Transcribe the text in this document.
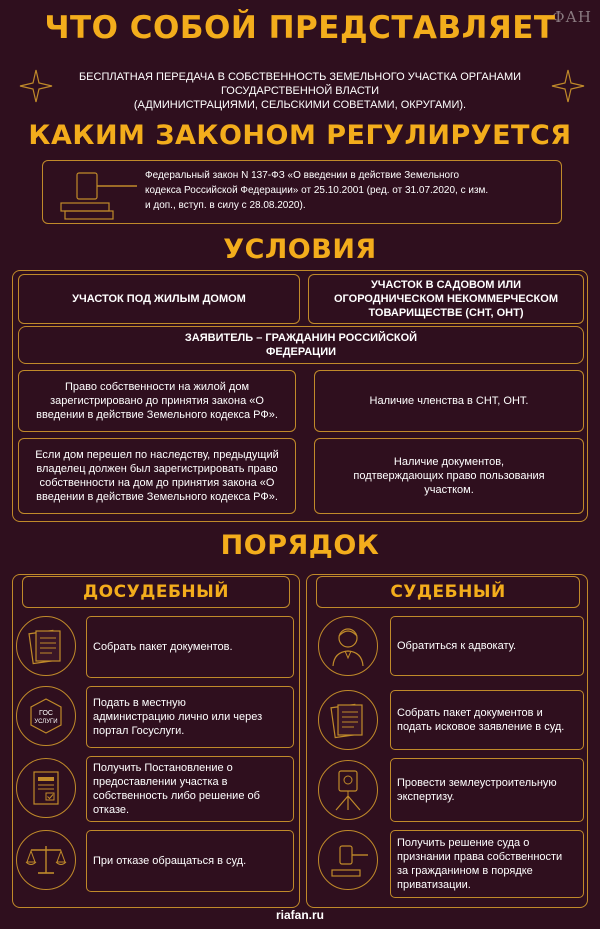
ФАН
ЧТО СОБОЙ ПРЕДСТАВЛЯЕТ
БЕСПЛАТНАЯ ПЕРЕДАЧА В СОБСТВЕННОСТЬ ЗЕМЕЛЬНОГО УЧАСТКА ОРГАНАМИ
ГОСУДАРСТВЕННОЙ ВЛАСТИ
(АДМИНИСТРАЦИЯМИ, СЕЛЬСКИМИ СОВЕТАМИ, ОКРУГАМИ).
КАКИМ ЗАКОНОМ РЕГУЛИРУЕТСЯ
Федеральный закон N 137-ФЗ «О введении в действие Земельного
кодекса Российской Федерации» от 25.10.2001 (ред. от 31.07.2020, с изм.
и доп., вступ. в силу с 28.08.2020).
УСЛОВИЯ
УЧАСТОК ПОД ЖИЛЫМ ДОМОМ
УЧАСТОК В САДОВОМ ИЛИ
ОГОРОДНИЧЕСКОМ НЕКОММЕРЧЕСКОМ
ТОВАРИЩЕСТВЕ (СНТ, ОНТ)
ЗАЯВИТЕЛЬ – ГРАЖДАНИН РОССИЙСКОЙ
ФЕДЕРАЦИИ
Право собственности на жилой дом
зарегистрировано до принятия закона «О
введении в действие Земельного кодекса РФ».
Если дом перешел по наследству, предыдущий
владелец должен был зарегистрировать право
собственности на дом до принятия закона «О
введении в действие Земельного кодекса РФ».
Наличие членства в СНТ, ОНТ.
Наличие документов,
подтверждающих право пользования
участком.
ПОРЯДОК
ДОСУДЕБНЫЙ	СУДЕБНЫЙ
Собрать пакет документов.
ГОС
УСЛУГИ
Подать в местную
администрацию лично или через
портал Госуслуги.
Получить Постановление о
предоставлении участка в
собственность либо решение об
отказе.
При отказе обращаться в суд.
Обратиться к адвокату.
Собрать пакет документов и
подать исковое заявление в суд.
Провести землеустроительную
экспертизу.
Получить решение суда о
признании права собственности
за гражданином в порядке
приватизации.
riafan.ru
